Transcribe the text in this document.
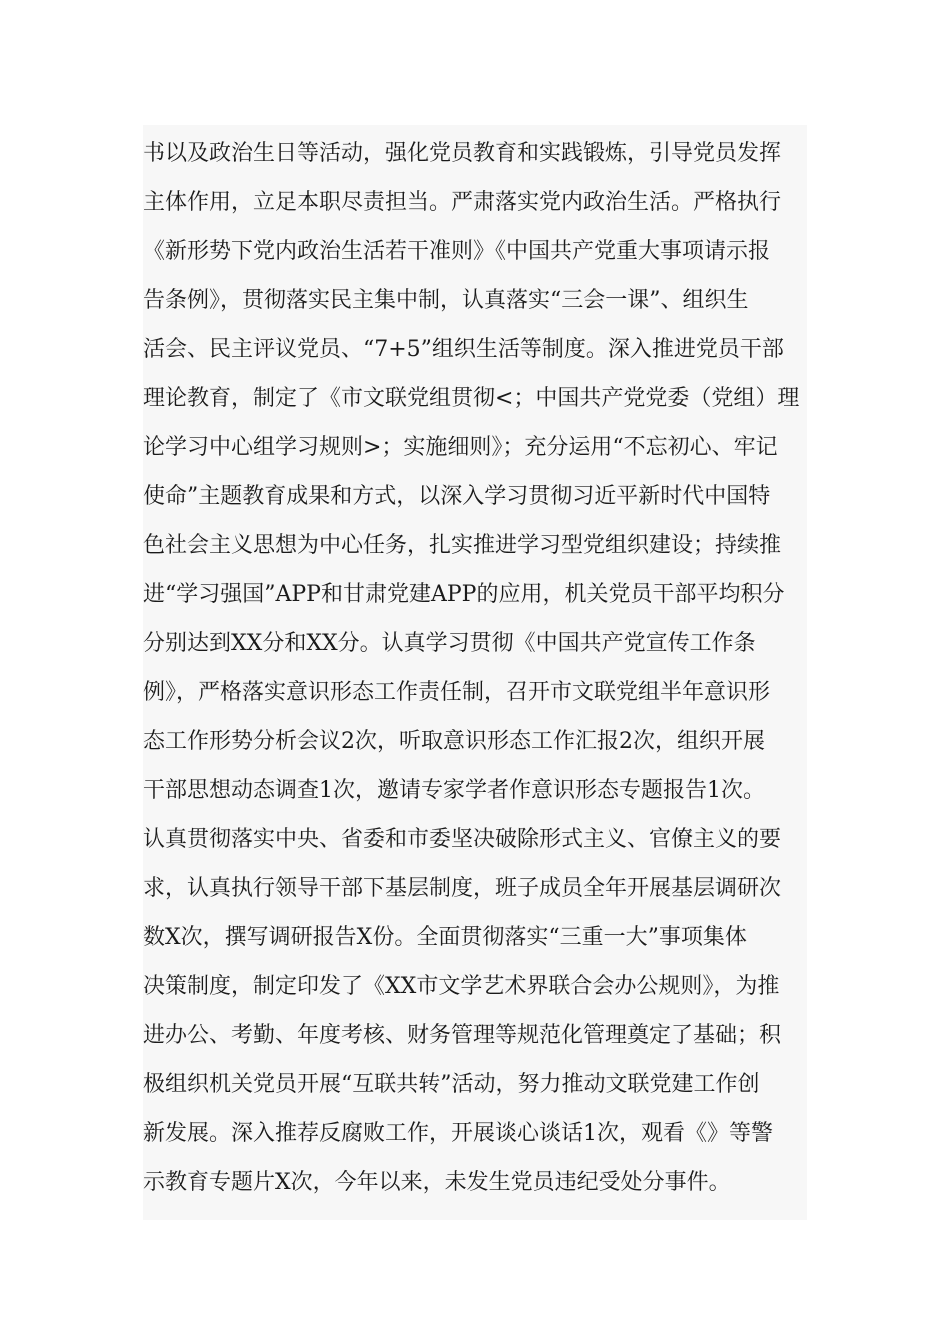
书以及政治生日等活动，强化党员教育和实践锻炼，引导党员发挥
主体作用，立足本职尽责担当。严肃落实党内政治生活。严格执行
《新形势下党内政治生活若干准则》《中国共产党重大事项请示报
告条例》，贯彻落实民主集中制，认真落实“三会一课”、组织生
活会、民主评议党员、“7+5”组织生活等制度。深入推进党员干部
理论教育，制定了《市文联党组贯彻<；中国共产党党委（党组）理
论学习中心组学习规则>；实施细则》；充分运用“不忘初心、牢记
使命”主题教育成果和方式，以深入学习贯彻习近平新时代中国特
色社会主义思想为中心任务，扎实推进学习型党组织建设；持续推
进“学习强国”APP和甘肃党建APP的应用，机关党员干部平均积分
分别达到XX分和XX分。认真学习贯彻《中国共产党宣传工作条
例》，严格落实意识形态工作责任制，召开市文联党组半年意识形
态工作形势分析会议2次，听取意识形态工作汇报2次，组织开展
干部思想动态调查1次，邀请专家学者作意识形态专题报告1次。
认真贯彻落实中央、省委和市委坚决破除形式主义、官僚主义的要
求，认真执行领导干部下基层制度，班子成员全年开展基层调研次
数X次，撰写调研报告X份。全面贯彻落实“三重一大”事项集体
决策制度，制定印发了《XX市文学艺术界联合会办公规则》，为推
进办公、考勤、年度考核、财务管理等规范化管理奠定了基础；积
极组织机关党员开展“互联共转”活动，努力推动文联党建工作创
新发展。深入推荐反腐败工作，开展谈心谈话1次，观看《》等警
示教育专题片X次，今年以来，未发生党员违纪受处分事件。
